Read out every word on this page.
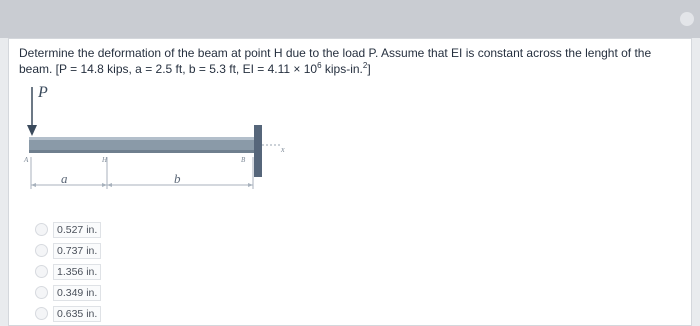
Determine the deformation of the beam at point H due to the load P. Assume that EI is constant across the lenght of the
beam. [P = 14.8 kips, a = 2.5 ft, b = 5.3 ft, EI = $4.11 \times 10^6$ kips-in.$^2$]
P
x
A	H	B
a	b
0.527 in.
0.737 in.
1.356 in.
0.349 in.
0.635 in.
